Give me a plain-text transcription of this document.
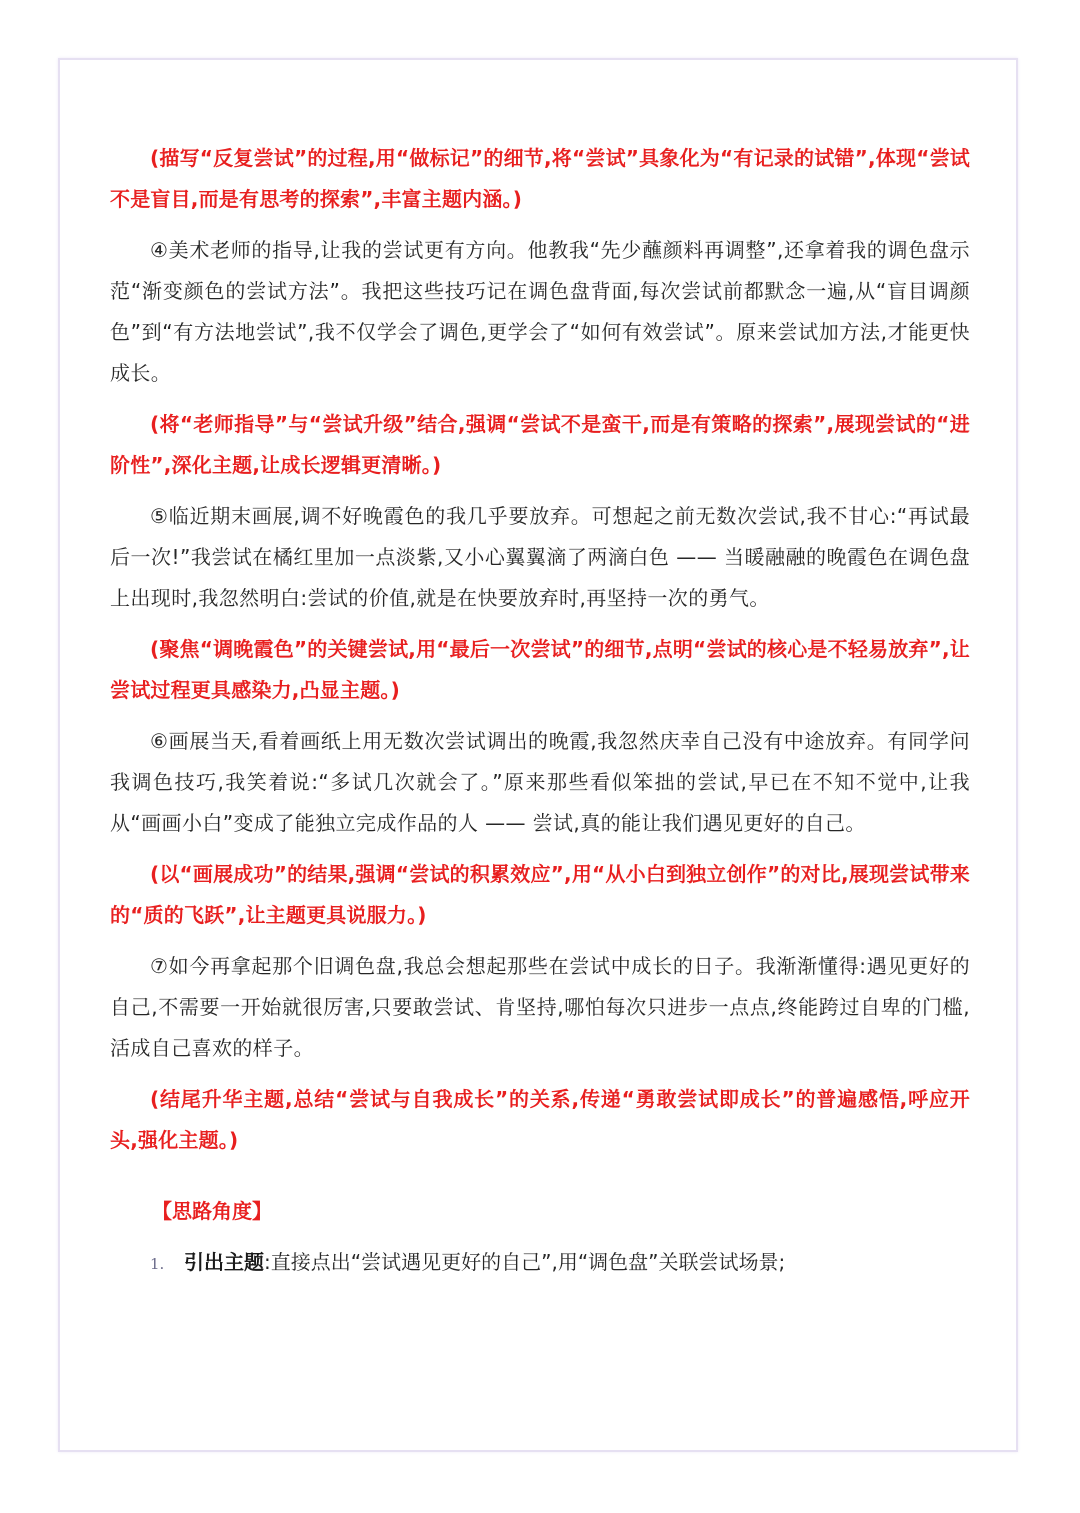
(描写“反复尝试”的过程,用“做标记”的细节,将“尝试”具象化为“有记录的试错”,体现“尝试不是盲目,而是有思考的探索”,丰富主题内涵。)

④美术老师的指导,让我的尝试更有方向。他教我“先少蘸颜料再调整”,还拿着我的调色盘示范“渐变颜色的尝试方法”。我把这些技巧记在调色盘背面,每次尝试前都默念一遍,从“盲目调颜色”到“有方法地尝试”,我不仅学会了调色,更学会了“如何有效尝试”。原来尝试加方法,才能更快成长。

(将“老师指导”与“尝试升级”结合,强调“尝试不是蛮干,而是有策略的探索”,展现尝试的“进阶性”,深化主题,让成长逻辑更清晰。)

⑤临近期末画展,调不好晚霞色的我几乎要放弃。可想起之前无数次尝试,我不甘心:“再试最后一次!”我尝试在橘红里加一点淡紫,又小心翼翼滴了两滴白色 —— 当暖融融的晚霞色在调色盘上出现时,我忽然明白:尝试的价值,就是在快要放弃时,再坚持一次的勇气。

(聚焦“调晚霞色”的关键尝试,用“最后一次尝试”的细节,点明“尝试的核心是不轻易放弃”,让尝试过程更具感染力,凸显主题。)

⑥画展当天,看着画纸上用无数次尝试调出的晚霞,我忽然庆幸自己没有中途放弃。有同学问我调色技巧,我笑着说:“多试几次就会了。”原来那些看似笨拙的尝试,早已在不知不觉中,让我从“画画小白”变成了能独立完成作品的人 —— 尝试,真的能让我们遇见更好的自己。

(以“画展成功”的结果,强调“尝试的积累效应”,用“从小白到独立创作”的对比,展现尝试带来的“质的飞跃”,让主题更具说服力。)

⑦如今再拿起那个旧调色盘,我总会想起那些在尝试中成长的日子。我渐渐懂得:遇见更好的自己,不需要一开始就很厉害,只要敢尝试、肯坚持,哪怕每次只进步一点点,终能跨过自卑的门槛,活成自己喜欢的样子。

(结尾升华主题,总结“尝试与自我成长”的关系,传递“勇敢尝试即成长”的普遍感悟,呼应开头,强化主题。)

【思路角度】
1. 引出主题:直接点出“尝试遇见更好的自己”,用“调色盘”关联尝试场景;
